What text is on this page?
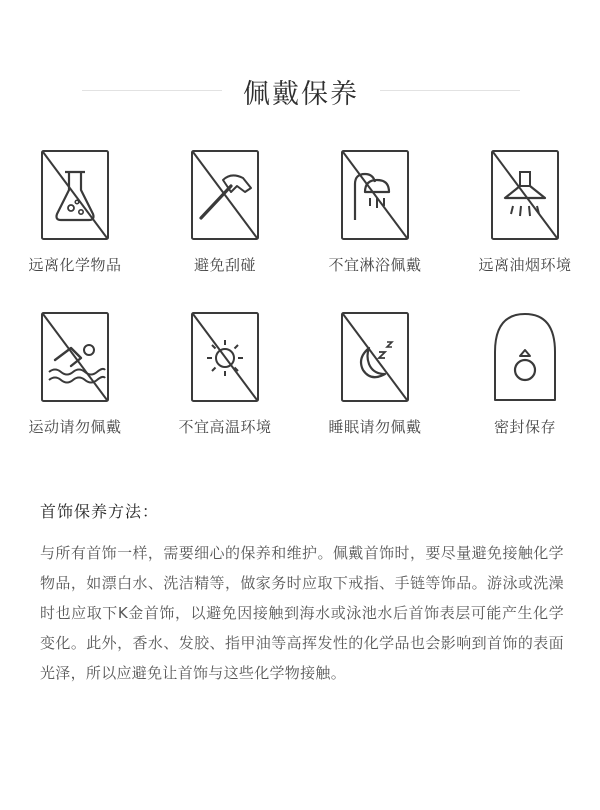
佩戴保养
远离化学物品	避免刮碰	不宜淋浴佩戴	远离油烟环境
运动请勿佩戴	不宜高温环境	睡眠请勿佩戴	密封保存
首饰保养方法：

与所有首饰一样，需要细心的保养和维护。佩戴首饰时，要尽量避免接触化学物品，如漂白水、洗洁精等，做家务时应取下戒指、手链等饰品。游泳或洗澡时也应取下K金首饰，以避免因接触到海水或泳池水后首饰表层可能产生化学变化。此外，香水、发胶、指甲油等高挥发性的化学品也会影响到首饰的表面光泽，所以应避免让首饰与这些化学物接触。
